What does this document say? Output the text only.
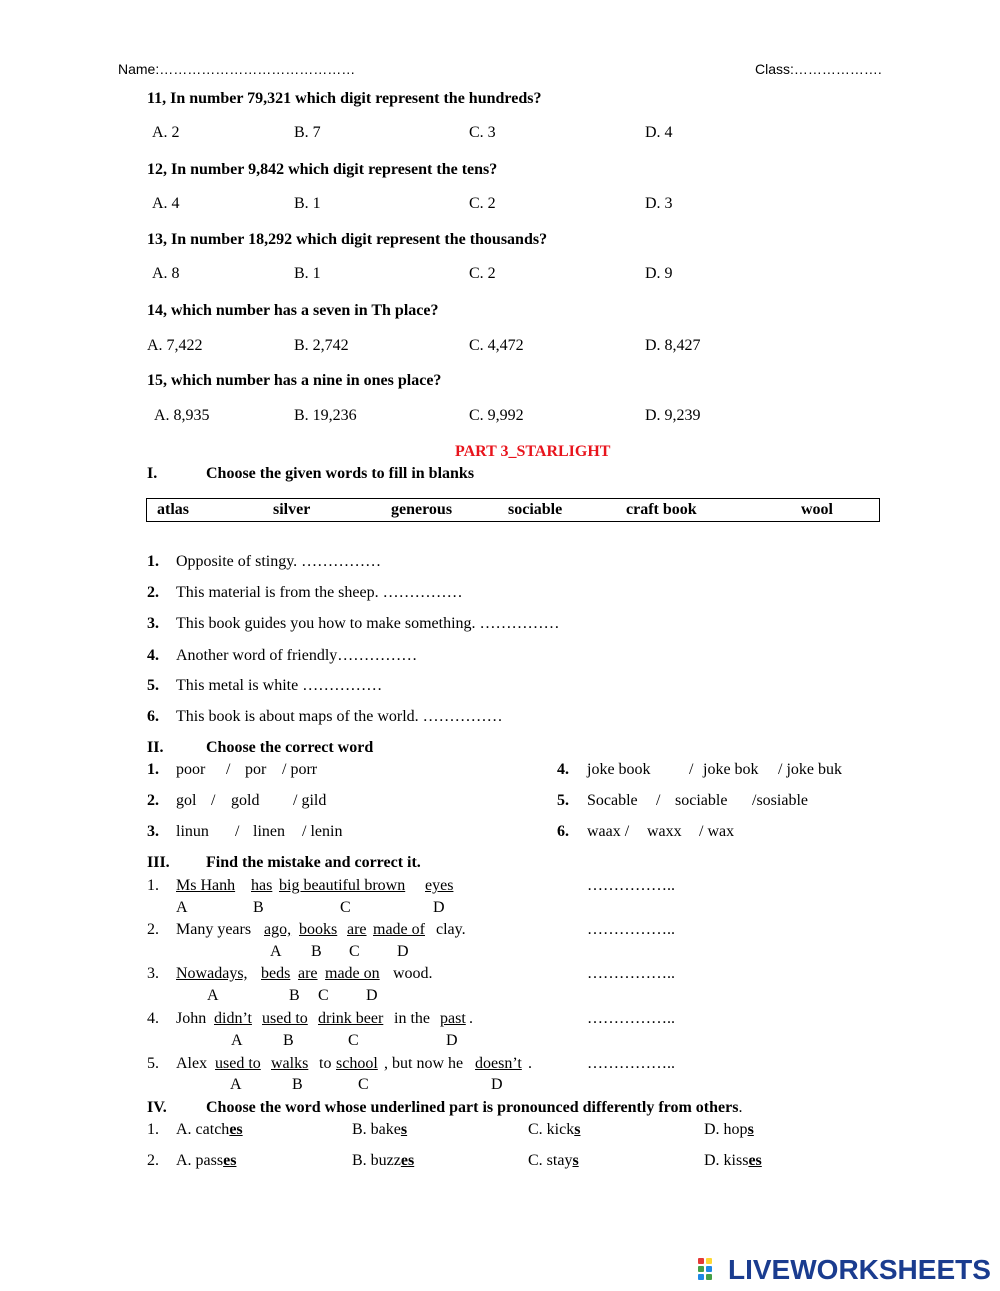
Name:……………………………………	Class:……………….
11, In number 79,321 which digit represent the hundreds?
A. 2	B. 7	C. 3	D. 4
12, In number 9,842 which digit represent the tens?
A. 4	B. 1	C. 2	D. 3
13, In number 18,292 which digit represent the thousands?
A. 8	B. 1	C. 2	D. 9
14, which number has a seven in Th place?
A. 7,422	B. 2,742	C. 4,472	D. 8,427
15, which number has a nine in ones place?
A. 8,935	B. 19,236	C. 9,992	D. 9,239
PART 3_STARLIGHT
I.	Choose the given words to fill in blanks
atlas	silver	generous	sociable	craft book	wool
1. Opposite of stingy. ……………
2. This material is from the sheep. ……………
3. This book guides you how to make something. ……………
4. Another word of friendly……………
5. This metal is white ……………
6. This book is about maps of the world. ……………
II.	Choose the correct word
1. poor / por / porr
2. gol / gold / gild
3. linun / linen / lenin
4. joke book / joke bok / joke buk
5. Socable / sociable /sosiable
6. waax / waxx / wax
III. Find the mistake and correct it.
1. Ms Hanh has big beautiful brown eyes
A	B	C	D
……………..
2. Many years ago, books are made of clay.
A B C D
……………..
3. Nowadays, beds are made on wood.
A	B C D
……………..
4. John didn’t used to drink beer in the past .
A	B	C	D
……………..
5. Alex used to walks to school , but now he doesn’t .
A	B	C	D
……………..
IV. Choose the word whose underlined part is pronounced differently from others.
1. A. catches	B. bakes	C. kicks	D. hops
2. A. passes	B. buzzes	C. stays	D. kisses
LIVEWORKSHEETS
